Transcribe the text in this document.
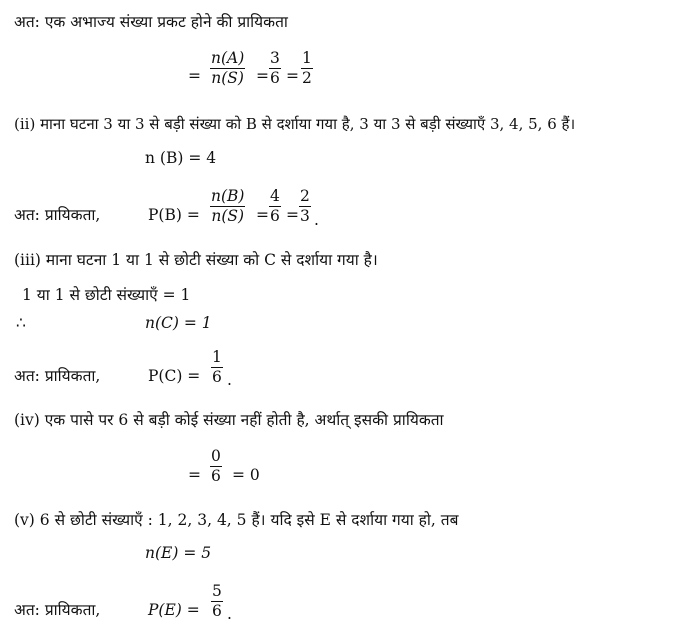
अत: एक अभाज्य संख्या प्रकट होने की प्रायिकता
= $\frac{n(A)}{n(S)} = \frac{3}{6} = \frac{1}{2}$
(ii) माना घटना 3 या 3 से बड़ी संख्या को B से दर्शाया गया है, 3 या 3 से बड़ी संख्याएँ 3, 4, 5, 6 हैं।
n (B) = 4
अत: प्रायिकता,	$P(B) = \frac{n(B)}{n(S)} = \frac{4}{6} = \frac{2}{3}$ .
(iii) माना घटना 1 या 1 से छोटी संख्या को C से दर्शाया गया है।
1 या 1 से छोटी संख्याएँ = 1
∴	n(C) = 1
अत: प्रायिकता,	$P(C) = \frac{1}{6}$ .
(iv) एक पासे पर 6 से बड़ी कोई संख्या नहीं होती है, अर्थात् इसकी प्रायिकता
= $\frac{0}{6} = 0$
(v) 6 से छोटी संख्याएँ : 1, 2, 3, 4, 5 हैं। यदि इसे E से दर्शाया गया हो, तब
n(E) = 5
अत: प्रायिकता,	$P(E) = \frac{5}{6}$ .
